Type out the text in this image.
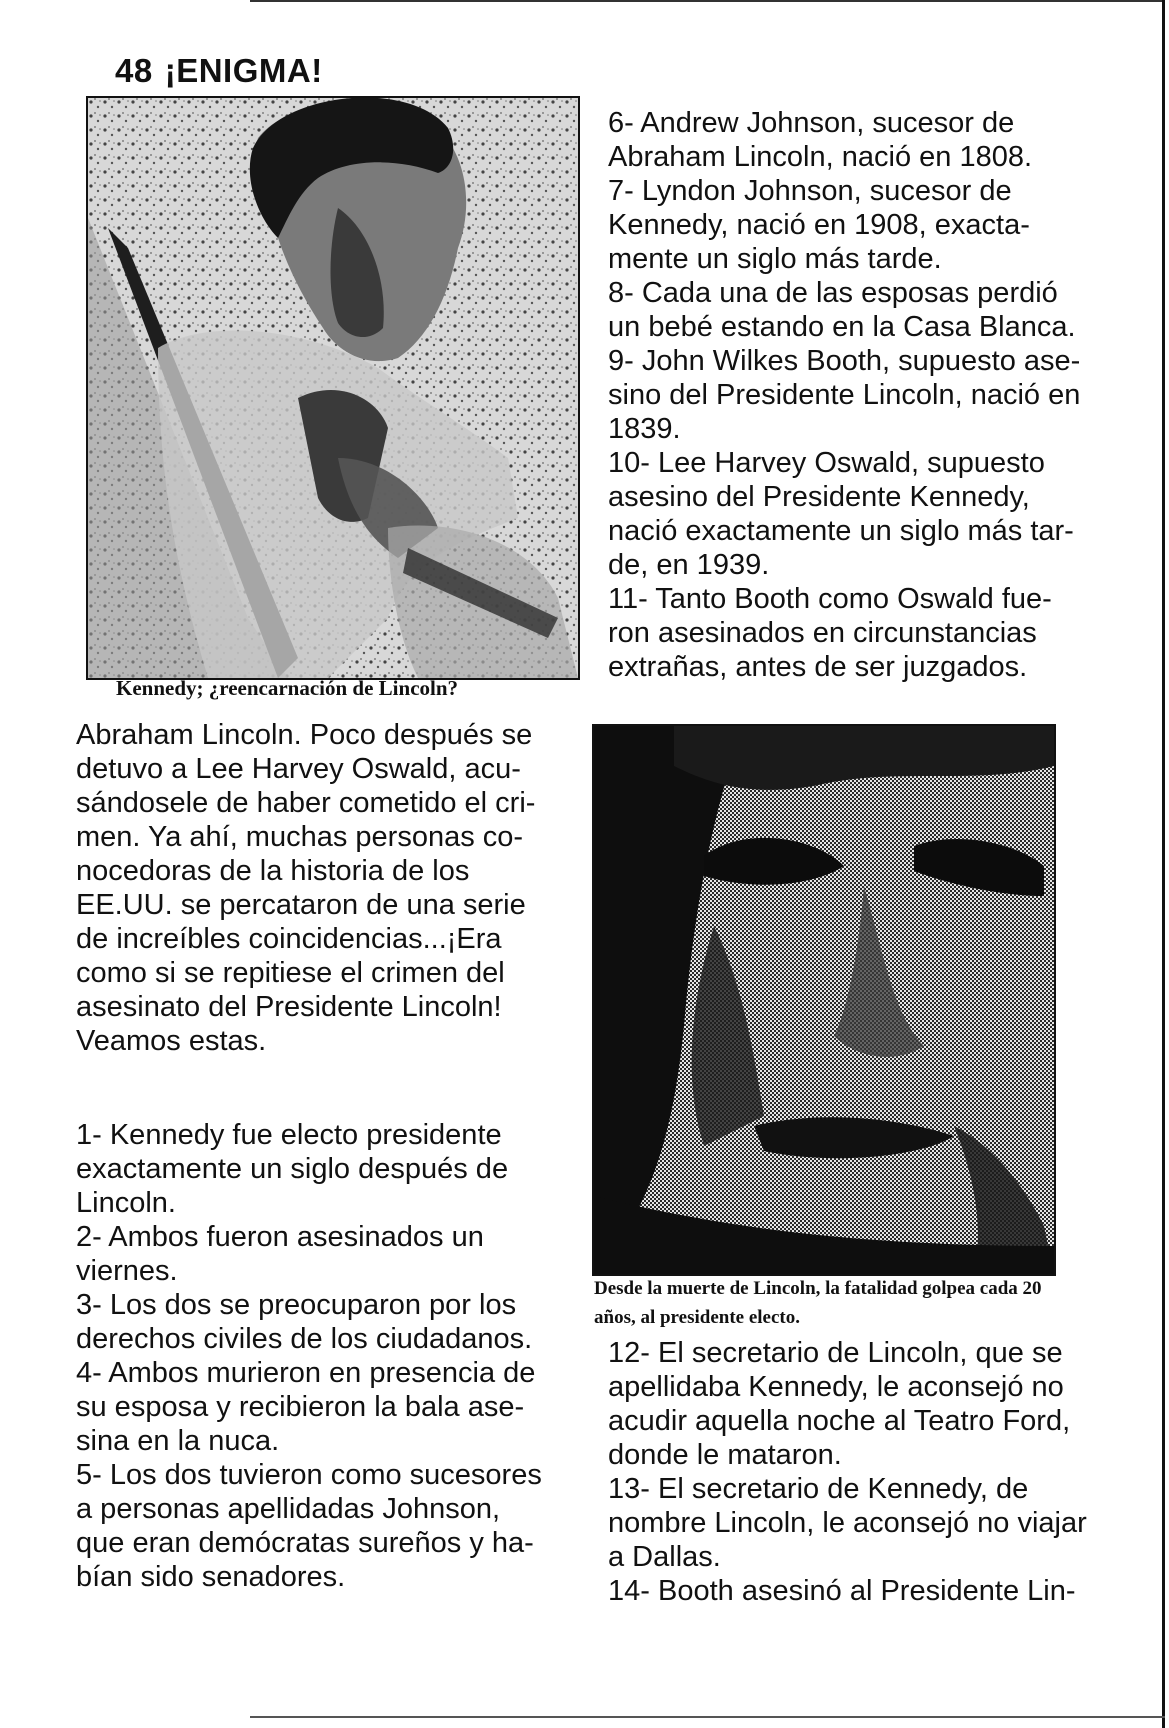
48 ¡ENIGMA!
Kennedy; ¿reencarnación de Lincoln?
Abraham Lincoln. Poco después se
detuvo a Lee Harvey Oswald, acu-
sándosele de haber cometido el cri-
men. Ya ahí, muchas personas co-
nocedoras de la historia de los
EE.UU. se percataron de una serie
de increíbles coincidencias...¡Era
como si se repitiese el crimen del
asesinato del Presidente Lincoln!
Veamos estas.
1- Kennedy fue electo presidente
exactamente un siglo después de
Lincoln.
2- Ambos fueron asesinados un
viernes.
3- Los dos se preocuparon por los
derechos civiles de los ciudadanos.
4- Ambos murieron en presencia de
su esposa y recibieron la bala ase-
sina en la nuca.
5- Los dos tuvieron como sucesores
a personas apellidadas Johnson,
que eran demócratas sureños y ha-
bían sido senadores.
6- Andrew Johnson, sucesor de
Abraham Lincoln, nació en 1808.
7- Lyndon Johnson, sucesor de
Kennedy, nació en 1908, exacta-
mente un siglo más tarde.
8- Cada una de las esposas perdió
un bebé estando en la Casa Blanca.
9- John Wilkes Booth, supuesto ase-
sino del Presidente Lincoln, nació en
1839.
10- Lee Harvey Oswald, supuesto
asesino del Presidente Kennedy,
nació exactamente un siglo más tar-
de, en 1939.
11- Tanto Booth como Oswald fue-
ron asesinados en circunstancias
extrañas, antes de ser juzgados.
12- El secretario de Lincoln, que se
apellidaba Kennedy, le aconsejó no
acudir aquella noche al Teatro Ford,
donde le mataron.
13- El secretario de Kennedy, de
nombre Lincoln, le aconsejó no viajar
a Dallas.
14- Booth asesinó al Presidente Lin-
Desde la muerte de Lincoln, la fatalidad golpea cada 20 años, al presidente electo.
